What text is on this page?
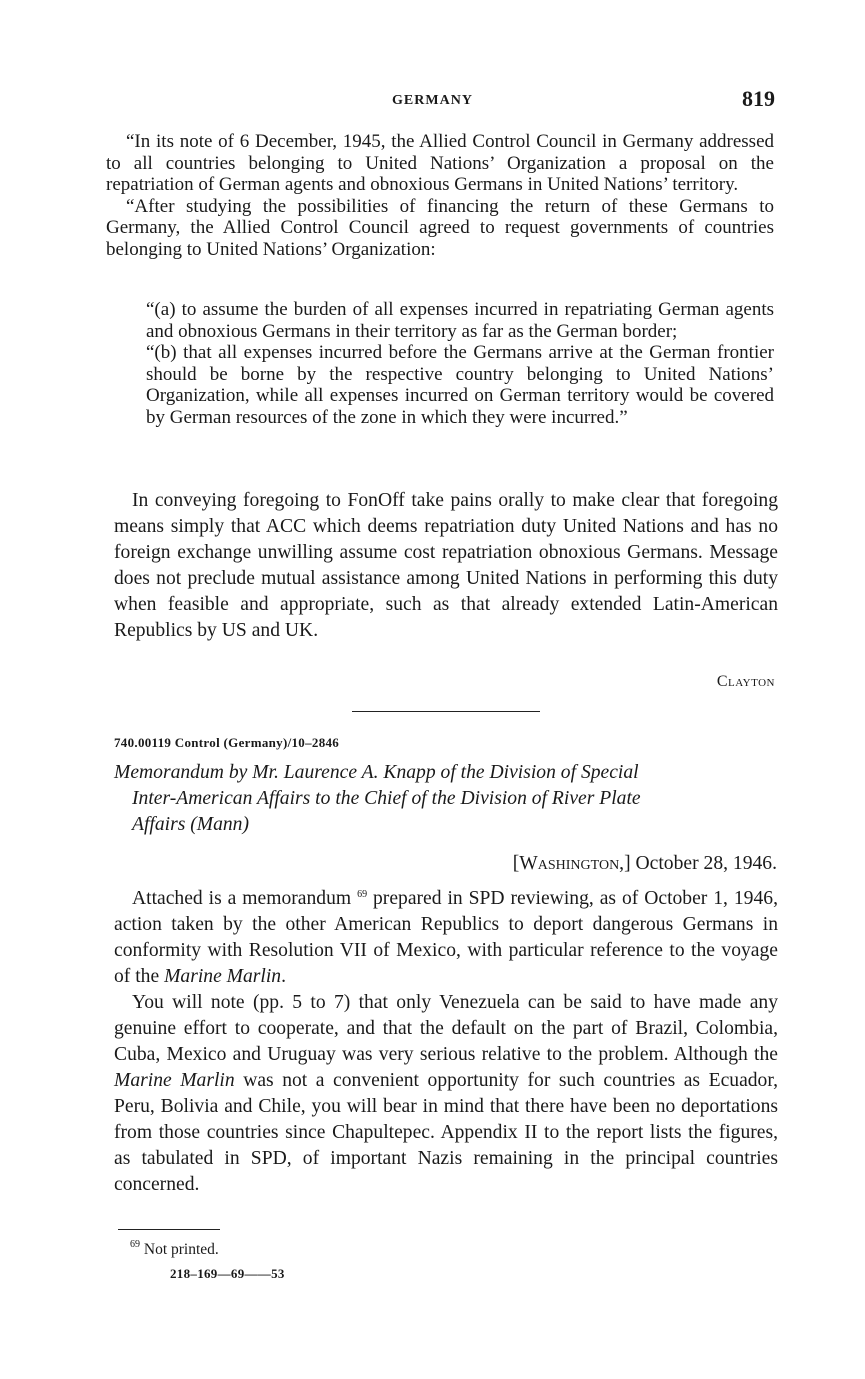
GERMANY	819

“In its note of 6 December, 1945, the Allied Control Council in Germany addressed to all countries belonging to United Nations’ Organization a proposal on the repatriation of German agents and obnoxious Germans in United Nations’ territory.

“After studying the possibilities of financing the return of these Germans to Germany, the Allied Control Council agreed to request governments of countries belonging to United Nations’ Organization:

“(a) to assume the burden of all expenses incurred in repatriating German agents and obnoxious Germans in their territory as far as the German border;

“(b) that all expenses incurred before the Germans arrive at the German frontier should be borne by the respective country belonging to United Nations’ Organization, while all expenses incurred on German territory would be covered by German resources of the zone in which they were incurred.”

In conveying foregoing to FonOff take pains orally to make clear that foregoing means simply that ACC which deems repatriation duty United Nations and has no foreign exchange unwilling assume cost repatriation obnoxious Germans. Message does not preclude mutual assistance among United Nations in performing this duty when feasible and appropriate, such as that already extended Latin-American Republics by US and UK.

Clayton
740.00119 Control (Germany)/10–2846
Memorandum by Mr. Laurence A. Knapp of the Division of Special
Inter-American Affairs to the Chief of the Division of River Plate
Affairs (Mann)
[Washington,] October 28, 1946.

Attached is a memorandum $^{69}$ prepared in SPD reviewing, as of October 1, 1946, action taken by the other American Republics to deport dangerous Germans in conformity with Resolution VII of Mexico, with particular reference to the voyage of the Marine Marlin.

You will note (pp. 5 to 7) that only Venezuela can be said to have made any genuine effort to cooperate, and that the default on the part of Brazil, Colombia, Cuba, Mexico and Uruguay was very serious relative to the problem. Although the Marine Marlin was not a convenient opportunity for such countries as Ecuador, Peru, Bolivia and Chile, you will bear in mind that there have been no deportations from those countries since Chapultepec. Appendix II to the report lists the figures, as tabulated in SPD, of important Nazis remaining in the principal countries concerned.

$^{69}$ Not printed.
218–169—69——53
